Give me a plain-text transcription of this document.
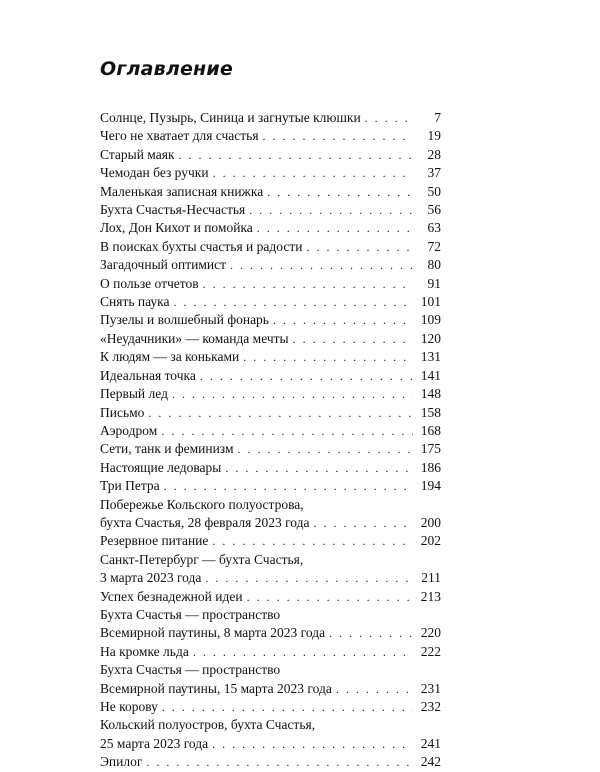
Оглавление
Солнце, Пузырь, Синица и загнутые клюшки . . .	7
Чего не хватает для счастья . . .	19
Старый маяк . . .	28
Чемодан без ручки . . .	37
Маленькая записная книжка . . .	50
Бухта Счастья-Несчастья . . .	56
Лох, Дон Кихот и помойка . . .	63
В поисках бухты счастья и радости . . .	72
Загадочный оптимист . . .	80
О пользе отчетов . . .	91
Снять паука . . .	101
Пузелы и волшебный фонарь . . .	109
«Неудачники» — команда мечты . . .	120
К людям — за коньками . . .	131
Идеальная точка . . .	141
Первый лед . . .	148
Письмо . . .	158
Аэродром . . .	168
Сети, танк и феминизм . . .	175
Настоящие ледовары . . .	186
Три Петра . . .	194
Побережье Кольского полуострова,
бухта Счастья, 28 февраля 2023 года . . .	200
Резервное питание . . .	202
Санкт-Петербург — бухта Счастья,
3 марта 2023 года . . .	211
Успех безнадежной идеи . . .	213
Бухта Счастья — пространство
Всемирной паутины, 8 марта 2023 года . . .	220
На кромке льда . . .	222
Бухта Счастья — пространство
Всемирной паутины, 15 марта 2023 года . . .	231
Не корову . . .	232
Кольский полуостров, бухта Счастья,
25 марта 2023 года . . .	241
Эпилог . . .	242
